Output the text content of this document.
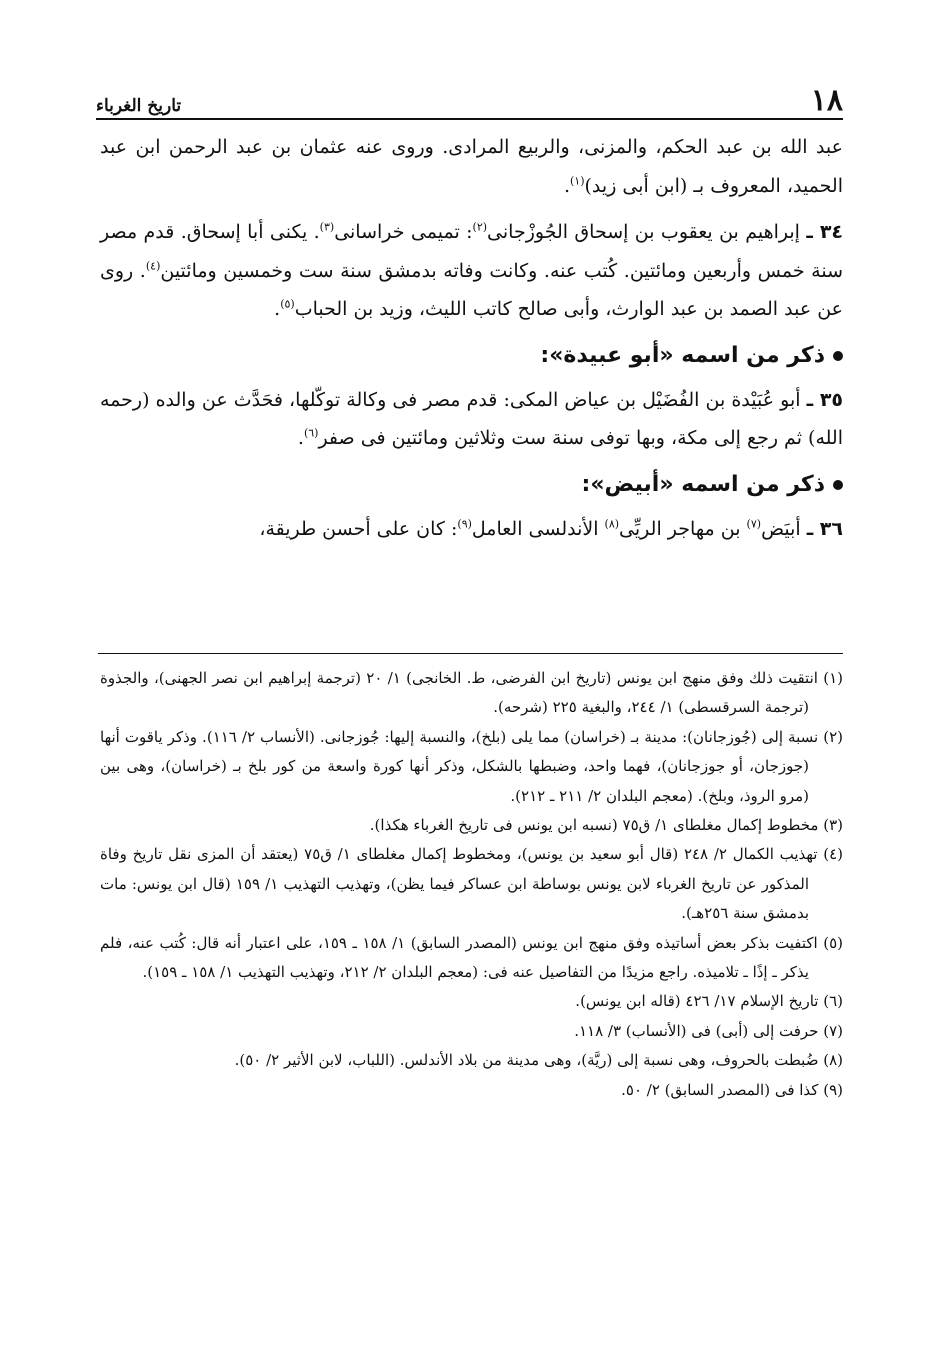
١٨
تاريخ الغرباء

عبد الله بن عبد الحكم، والمزنى، والربيع المرادى. وروى عنه عثمان بن عبد الرحمن ابن عبد الحميد، المعروف بـ (ابن أبى زيد)$^{(١)}$.

٣٤ ـ إبراهيم بن يعقوب بن إسحاق الجُوزْجانى$^{(٢)}$: تميمى خراسانى$^{(٣)}$. يكنى أبا إسحاق. قدم مصر سنة خمس وأربعين ومائتين. كُتب عنه. وكانت وفاته بدمشق سنة ست وخمسين ومائتين$^{(٤)}$. روى عن عبد الصمد بن عبد الوارث، وأبى صالح كاتب الليث، وزيد بن الحباب$^{(٥)}$.

ذكر من اسمه «أبو عبيدة»:

٣٥ ـ أبو عُبَيْدة بن الفُضَيْل بن عياض المكى: قدم مصر فى وكالة توكّلها، فحَدَّث عن والده (رحمه الله) ثم رجع إلى مكة، وبها توفى سنة ست وثلاثين ومائتين فى صفر$^{(٦)}$.

ذكر من اسمه «أبيض»:

٣٦ ـ أبيَض$^{(٧)}$ بن مهاجر الريِّى$^{(٨)}$ الأندلسى العامل$^{(٩)}$: كان على أحسن طريقة،

(١) انتقيت ذلك وفق منهج ابن يونس (تاريخ ابن الفرضى، ط. الخانجى) ١/ ٢٠ (ترجمة إبراهيم ابن نصر الجهنى)، والجذوة (ترجمة السرقسطى) ١/ ٢٤٤، والبغية ٢٢٥ (شرحه).

(٢) نسبة إلى (جُوزجانان): مدينة بـ (خراسان) مما يلى (بلخ)، والنسبة إليها: جُوزجانى. (الأنساب ٢/ ١١٦). وذكر ياقوت أنها (جوزجان، أو جوزجانان)، فهما واحد، وضبطها بالشكل، وذكر أنها كورة واسعة من كور بلخ بـ (خراسان)، وهى بين (مرو الروذ، وبلخ). (معجم البلدان ٢/ ٢١١ ـ ٢١٢).

(٣) مخطوط إكمال مغلطاى ١/ ق٧٥ (نسبه ابن يونس فى تاريخ الغرباء هكذا).

(٤) تهذيب الكمال ٢/ ٢٤٨ (قال أبو سعيد بن يونس)، ومخطوط إكمال مغلطاى ١/ ق٧٥ (يعتقد أن المزى نقل تاريخ وفاة المذكور عن تاريخ الغرباء لابن يونس بوساطة ابن عساكر فيما يظن)، وتهذيب التهذيب ١/ ١٥٩ (قال ابن يونس: مات بدمشق سنة ٢٥٦هـ).

(٥) اكتفيت بذكر بعض أساتيذه وفق منهج ابن يونس (المصدر السابق) ١/ ١٥٨ ـ ١٥٩، على اعتبار أنه قال: كُتب عنه، فلم يذكر ـ إذًا ـ تلاميذه. راجع مزيدًا من التفاصيل عنه فى: (معجم البلدان ٢/ ٢١٢، وتهذيب التهذيب ١/ ١٥٨ ـ ١٥٩).

(٦) تاريخ الإسلام ١٧/ ٤٢٦ (قاله ابن يونس).

(٧) حرفت إلى (أبى) فى (الأنساب) ٣/ ١١٨.

(٨) ضُبطت بالحروف، وهى نسبة إلى (ريَّة)، وهى مدينة من بلاد الأندلس. (اللباب، لابن الأثير ٢/ ٥٠).

(٩) كذا فى (المصدر السابق) ٢/ ٥٠.
